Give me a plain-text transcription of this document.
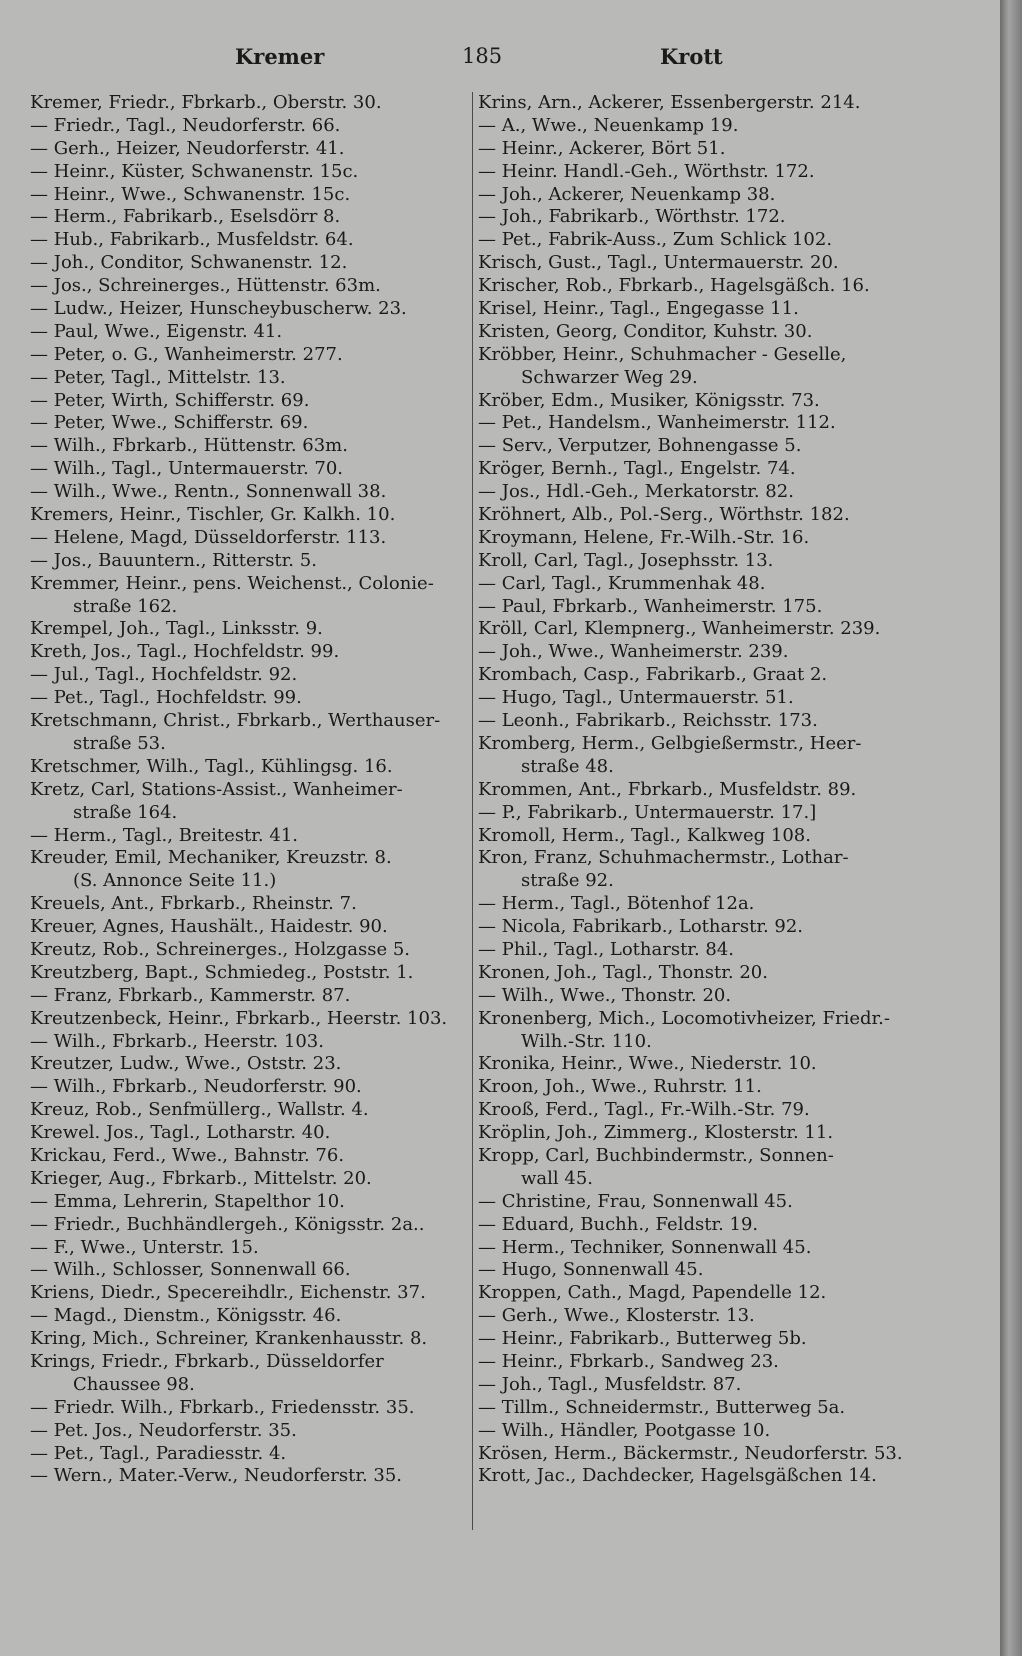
Kremer	185	Krott
Kremer, Friedr., Fbrkarb., Oberstr. 30.
— Friedr., Tagl., Neudorferstr. 66.
— Gerh., Heizer, Neudorferstr. 41.
— Heinr., Küster, Schwanenstr. 15c.
— Heinr., Wwe., Schwanenstr. 15c.
— Herm., Fabrikarb., Eselsdörr 8.
— Hub., Fabrikarb., Musfeldstr. 64.
— Joh., Conditor, Schwanenstr. 12.
— Jos., Schreinerges., Hüttenstr. 63m.
— Ludw., Heizer, Hunscheybuscherw. 23.
— Paul, Wwe., Eigenstr. 41.
— Peter, o. G., Wanheimerstr. 277.
— Peter, Tagl., Mittelstr. 13.
— Peter, Wirth, Schifferstr. 69.
— Peter, Wwe., Schifferstr. 69.
— Wilh., Fbrkarb., Hüttenstr. 63m.
— Wilh., Tagl., Untermauerstr. 70.
— Wilh., Wwe., Rentn., Sonnenwall 38.
Kremers, Heinr., Tischler, Gr. Kalkh. 10.
— Helene, Magd, Düsseldorferstr. 113.
— Jos., Bauuntern., Ritterstr. 5.
Kremmer, Heinr., pens. Weichenst., Colonie-
straße 162.
Krempel, Joh., Tagl., Linksstr. 9.
Kreth, Jos., Tagl., Hochfeldstr. 99.
— Jul., Tagl., Hochfeldstr. 92.
— Pet., Tagl., Hochfeldstr. 99.
Kretschmann, Christ., Fbrkarb., Werthauser-
straße 53.
Kretschmer, Wilh., Tagl., Kühlingsg. 16.
Kretz, Carl, Stations-Assist., Wanheimer-
straße 164.
— Herm., Tagl., Breitestr. 41.
Kreuder, Emil, Mechaniker, Kreuzstr. 8.
(S. Annonce Seite 11.)
Kreuels, Ant., Fbrkarb., Rheinstr. 7.
Kreuer, Agnes, Haushält., Haidestr. 90.
Kreutz, Rob., Schreinerges., Holzgasse 5.
Kreutzberg, Bapt., Schmiedeg., Poststr. 1.
— Franz, Fbrkarb., Kammerstr. 87.
Kreutzenbeck, Heinr., Fbrkarb., Heerstr. 103.
— Wilh., Fbrkarb., Heerstr. 103.
Kreutzer, Ludw., Wwe., Oststr. 23.
— Wilh., Fbrkarb., Neudorferstr. 90.
Kreuz, Rob., Senfmüllerg., Wallstr. 4.
Krewel. Jos., Tagl., Lotharstr. 40.
Krickau, Ferd., Wwe., Bahnstr. 76.
Krieger, Aug., Fbrkarb., Mittelstr. 20.
— Emma, Lehrerin, Stapelthor 10.
— Friedr., Buchhändlergeh., Königsstr. 2a..
— F., Wwe., Unterstr. 15.
— Wilh., Schlosser, Sonnenwall 66.
Kriens, Diedr., Specereihdlr., Eichenstr. 37.
— Magd., Dienstm., Königsstr. 46.
Kring, Mich., Schreiner, Krankenhausstr. 8.
Krings, Friedr., Fbrkarb., Düsseldorfer
Chaussee 98.
— Friedr. Wilh., Fbrkarb., Friedensstr. 35.
— Pet. Jos., Neudorferstr. 35.
— Pet., Tagl., Paradiesstr. 4.
— Wern., Mater.-Verw., Neudorferstr. 35.
Krins, Arn., Ackerer, Essenbergerstr. 214.
— A., Wwe., Neuenkamp 19.
— Heinr., Ackerer, Bört 51.
— Heinr. Handl.-Geh., Wörthstr. 172.
— Joh., Ackerer, Neuenkamp 38.
— Joh., Fabrikarb., Wörthstr. 172.
— Pet., Fabrik-Auss., Zum Schlick 102.
Krisch, Gust., Tagl., Untermauerstr. 20.
Krischer, Rob., Fbrkarb., Hagelsgäßch. 16.
Krisel, Heinr., Tagl., Engegasse 11.
Kristen, Georg, Conditor, Kuhstr. 30.
Kröbber, Heinr., Schuhmacher - Geselle,
Schwarzer Weg 29.
Kröber, Edm., Musiker, Königsstr. 73.
— Pet., Handelsm., Wanheimerstr. 112.
— Serv., Verputzer, Bohnengasse 5.
Kröger, Bernh., Tagl., Engelstr. 74.
— Jos., Hdl.-Geh., Merkatorstr. 82.
Kröhnert, Alb., Pol.-Serg., Wörthstr. 182.
Kroymann, Helene, Fr.-Wilh.-Str. 16.
Kroll, Carl, Tagl., Josephsstr. 13.
— Carl, Tagl., Krummenhak 48.
— Paul, Fbrkarb., Wanheimerstr. 175.
Kröll, Carl, Klempnerg., Wanheimerstr. 239.
— Joh., Wwe., Wanheimerstr. 239.
Krombach, Casp., Fabrikarb., Graat 2.
— Hugo, Tagl., Untermauerstr. 51.
— Leonh., Fabrikarb., Reichsstr. 173.
Kromberg, Herm., Gelbgießermstr., Heer-
straße 48.
Krommen, Ant., Fbrkarb., Musfeldstr. 89.
— P., Fabrikarb., Untermauerstr. 17.]
Kromoll, Herm., Tagl., Kalkweg 108.
Kron, Franz, Schuhmachermstr., Lothar-
straße 92.
— Herm., Tagl., Bötenhof 12a.
— Nicola, Fabrikarb., Lotharstr. 92.
— Phil., Tagl., Lotharstr. 84.
Kronen, Joh., Tagl., Thonstr. 20.
— Wilh., Wwe., Thonstr. 20.
Kronenberg, Mich., Locomotivheizer, Friedr.-
Wilh.-Str. 110.
Kronika, Heinr., Wwe., Niederstr. 10.
Kroon, Joh., Wwe., Ruhrstr. 11.
Krooß, Ferd., Tagl., Fr.-Wilh.-Str. 79.
Kröplin, Joh., Zimmerg., Klosterstr. 11.
Kropp, Carl, Buchbindermstr., Sonnen-
wall 45.
— Christine, Frau, Sonnenwall 45.
— Eduard, Buchh., Feldstr. 19.
— Herm., Techniker, Sonnenwall 45.
— Hugo, Sonnenwall 45.
Kroppen, Cath., Magd, Papendelle 12.
— Gerh., Wwe., Klosterstr. 13.
— Heinr., Fabrikarb., Butterweg 5b.
— Heinr., Fbrkarb., Sandweg 23.
— Joh., Tagl., Musfeldstr. 87.
— Tillm., Schneidermstr., Butterweg 5a.
— Wilh., Händler, Pootgasse 10.
Krösen, Herm., Bäckermstr., Neudorferstr. 53.
Krott, Jac., Dachdecker, Hagelsgäßchen 14.
